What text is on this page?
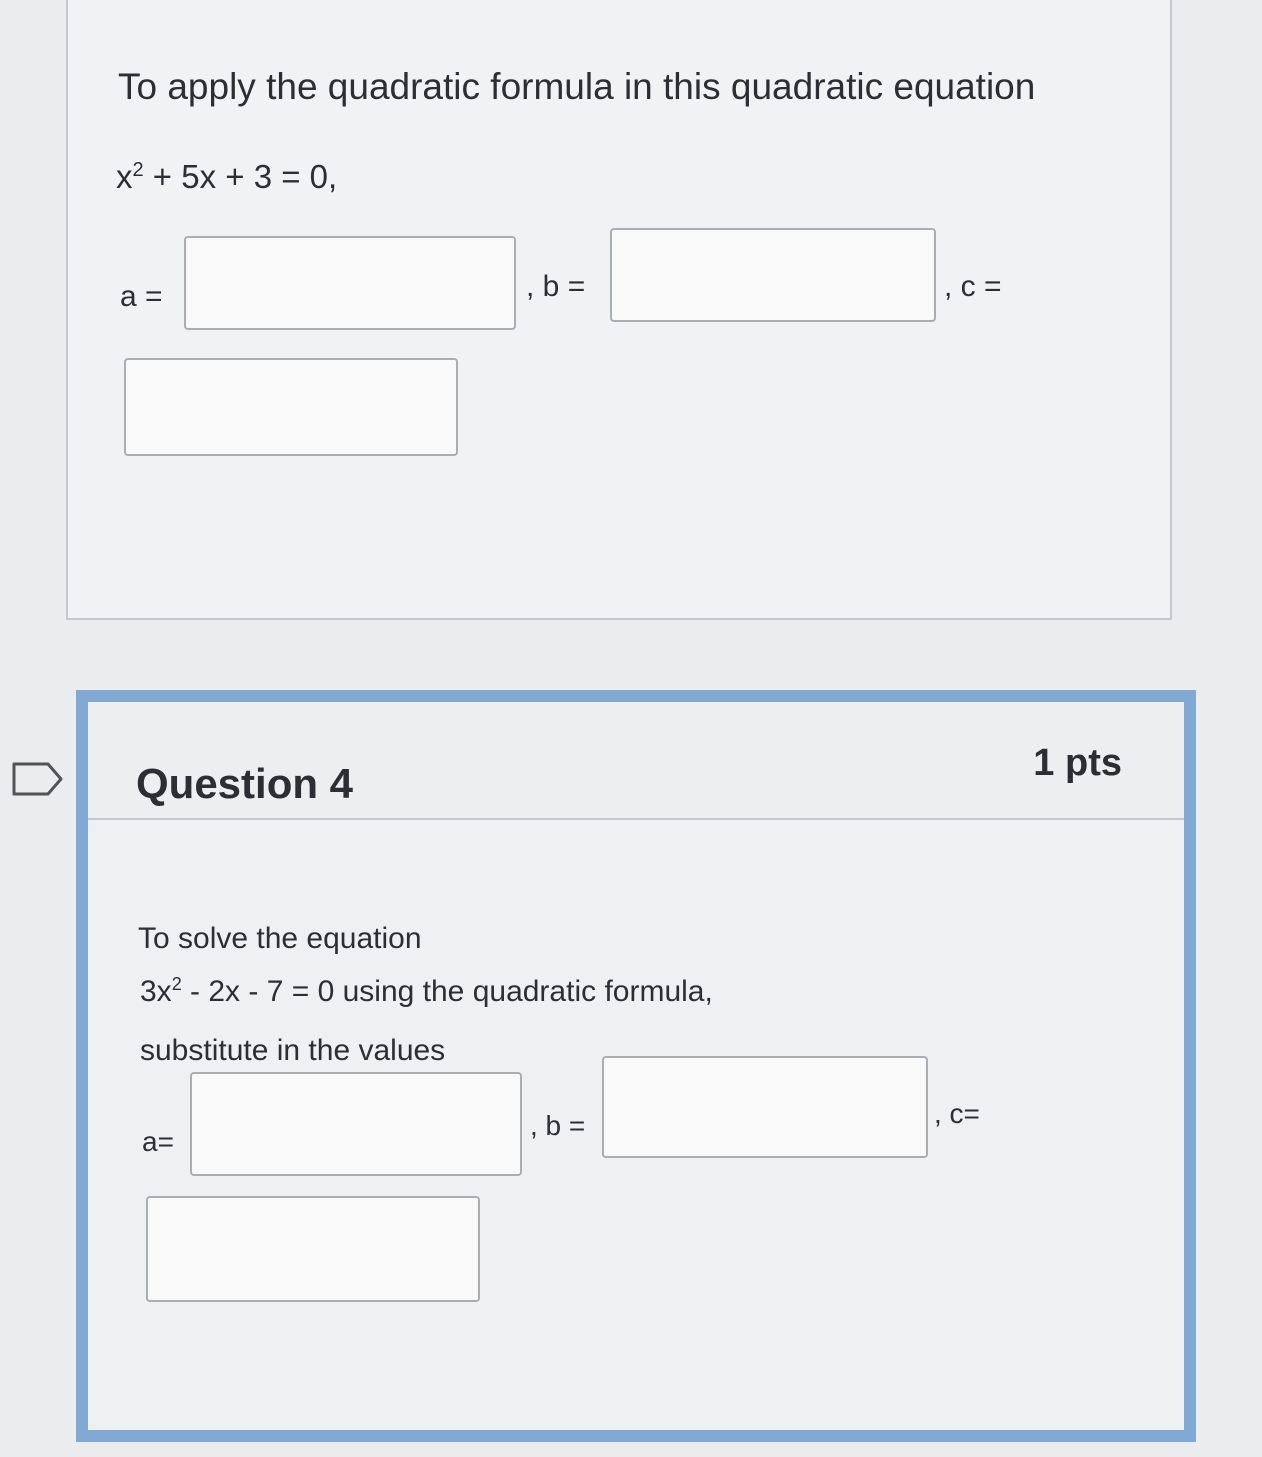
To apply the quadratic formula in this quadratic equation
$x^2 + 5x + 3 = 0$,
a =	, b =	, c =
Question 4	1 pts
To solve the equation
$3x^2 - 2x - 7 = 0$ using the quadratic formula,
substitute in the values
a=
, b =	, c=
